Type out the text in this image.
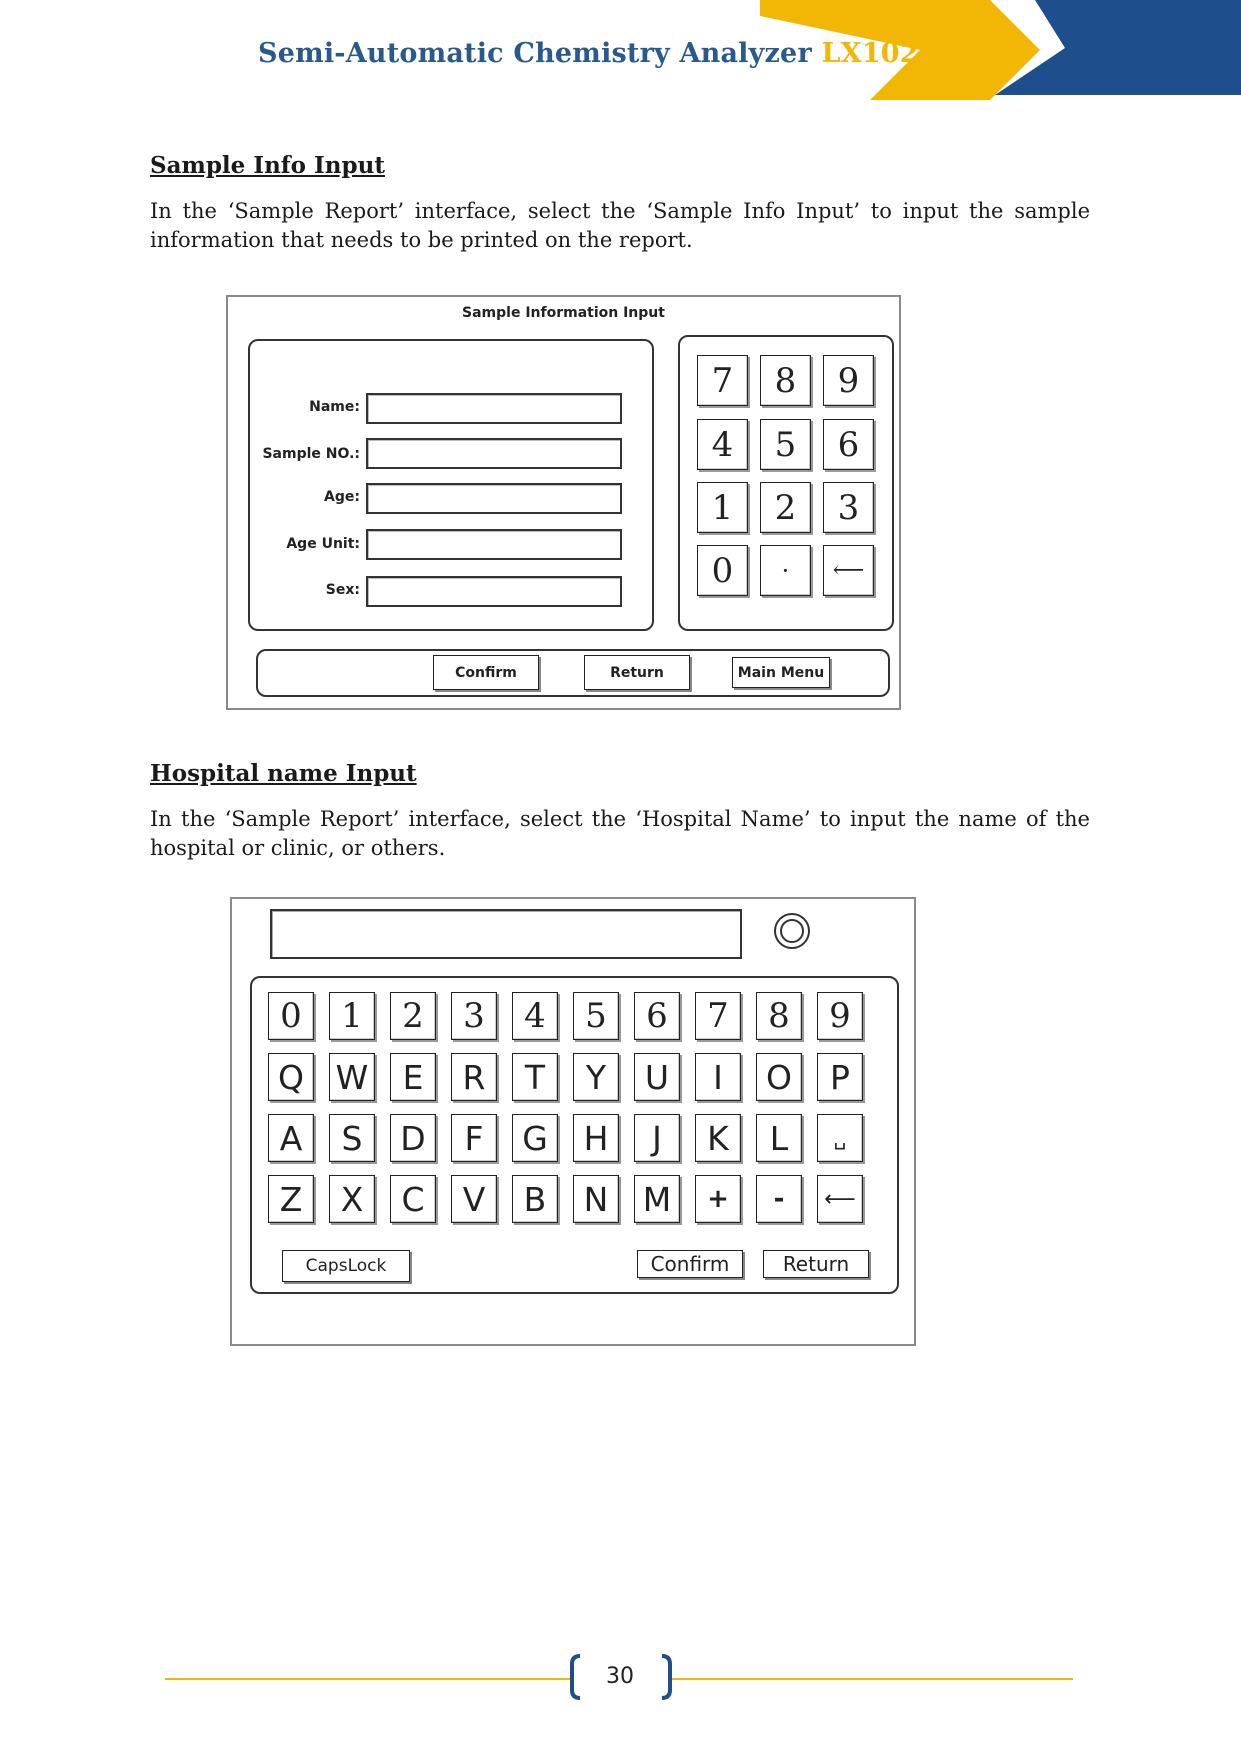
Semi-Automatic Chemistry Analyzer LX102SCA
Sample Info Input
In the ‘Sample Report’ interface, select the ‘Sample Info Input’ to input the sample information that needs to be printed on the report.
Sample Information Input
Name:
Sample NO.:
Age:
Age Unit:
Sex:
7	8	9
4	5	6
1	2	3
0	·	⟵
Confirm	Return	Main Menu
Hospital name Input
In the ‘Sample Report’ interface, select the ‘Hospital Name’ to input the name of the hospital or clinic, or others.
0	1	2	3	4	5	6	7	8	9
Q W	E	R	T	Y	U	I	O	P
A	S	D	F	G	H	J	K	L	␣
Z	X	C	V	B	N	M	+	-	⟵
CapsLock	Confirm	Return
30
